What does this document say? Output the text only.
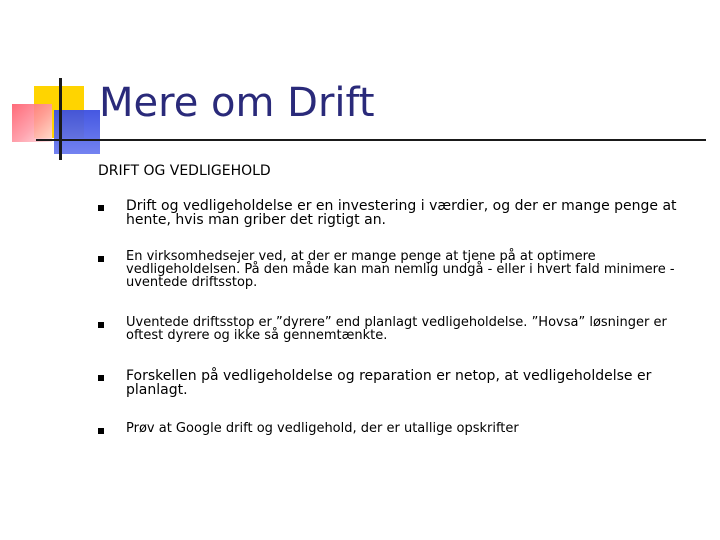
Mere om Drift
DRIFT OG VEDLIGEHOLD
Drift og vedligeholdelse er en investering i værdier, og der er mange penge at hente, hvis man griber det rigtigt an.
En virksomhedsejer ved, at der er mange penge at tjene på at optimere vedligeholdelsen. På den måde kan man nemlig undgå - eller i hvert fald minimere - uventede driftsstop.
Uventede driftsstop er ”dyrere” end planlagt vedligeholdelse. ”Hovsa” løsninger er oftest dyrere og ikke så gennemtænkte.
Forskellen på vedligeholdelse og reparation er netop, at vedligeholdelse er planlagt.
Prøv at Google drift og vedligehold, der er utallige opskrifter
